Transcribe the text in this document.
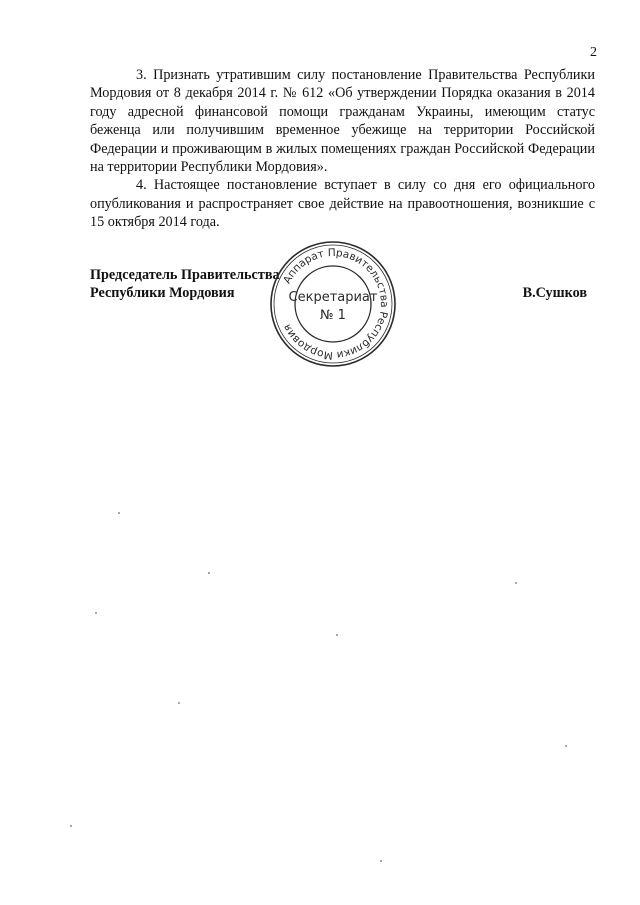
2

3. Признать утратившим силу постановление Правительства Республики Мордовия от 8 декабря 2014 г. № 612 «Об утверждении Порядка оказания в 2014 году адресной финансовой помощи гражданам Украины, имеющим статус беженца или получившим временное убежище на территории Российской Федерации и проживающим в жилых помещениях граждан Российской Федерации на территории Республики Мордовия».

4. Настоящее постановление вступает в силу со дня его официального опубликования и распространяет свое действие на правоотношения, возникшие с 15 октября 2014 года.

Председатель Правительства
Республики Мордовия	В.Сушков
Аппарат Правительства Республики Мордовия
Секретариат
№ 1
